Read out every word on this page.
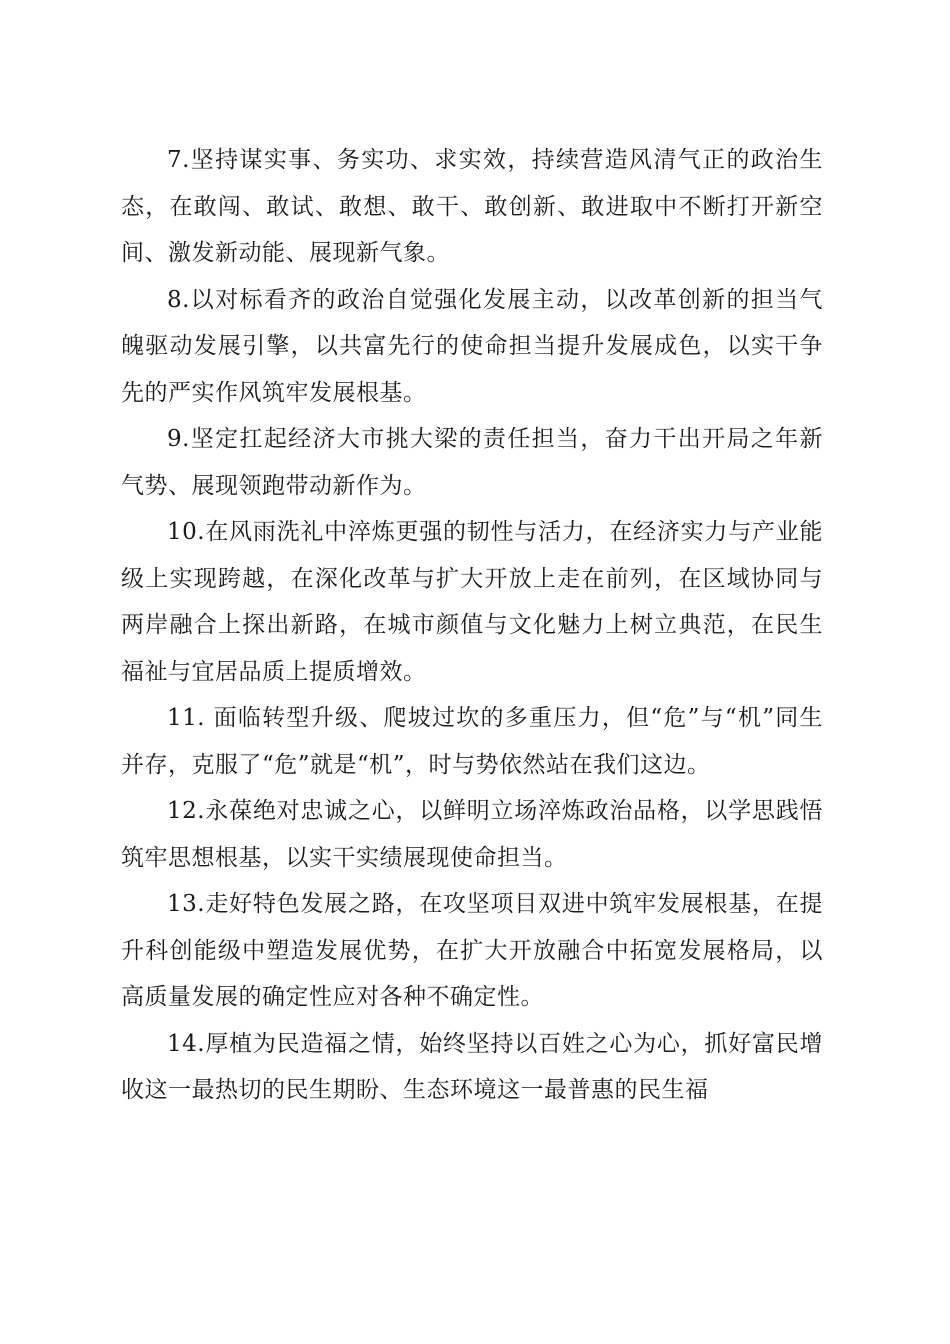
7.坚持谋实事、务实功、求实效，持续营造风清气正的政治生态，在敢闯、敢试、敢想、敢干、敢创新、敢进取中不断打开新空间、激发新动能、展现新气象。

8.以对标看齐的政治自觉强化发展主动，以改革创新的担当气魄驱动发展引擎，以共富先行的使命担当提升发展成色，以实干争先的严实作风筑牢发展根基。

9.坚定扛起经济大市挑大梁的责任担当，奋力干出开局之年新气势、展现领跑带动新作为。

10.在风雨洗礼中淬炼更强的韧性与活力，在经济实力与产业能级上实现跨越，在深化改革与扩大开放上走在前列，在区域协同与两岸融合上探出新路，在城市颜值与文化魅力上树立典范，在民生福祉与宜居品质上提质增效。

11. 面临转型升级、爬坡过坎的多重压力，但“危”与“机”同生并存，克服了“危”就是“机”，时与势依然站在我们这边。

12.永葆绝对忠诚之心，以鲜明立场淬炼政治品格，以学思践悟筑牢思想根基，以实干实绩展现使命担当。

13.走好特色发展之路，在攻坚项目双进中筑牢发展根基，在提升科创能级中塑造发展优势，在扩大开放融合中拓宽发展格局，以高质量发展的确定性应对各种不确定性。

14.厚植为民造福之情，始终坚持以百姓之心为心，抓好富民增收这一最热切的民生期盼、生态环境这一最普惠的民生福
